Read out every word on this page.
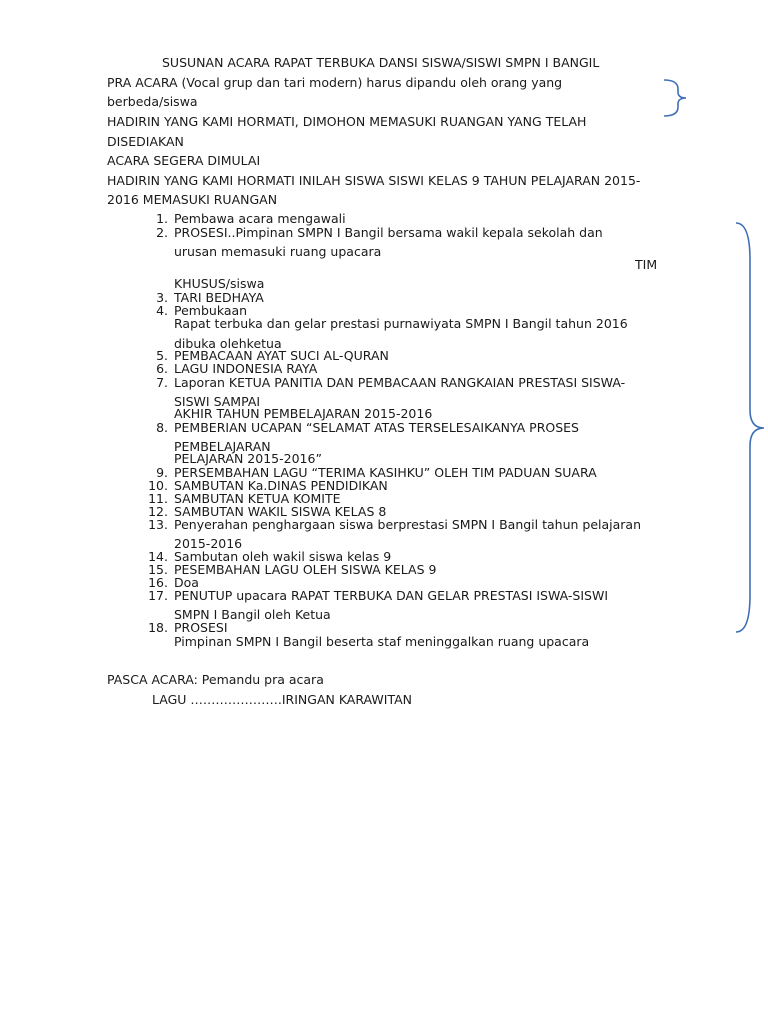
SUSUNAN ACARA RAPAT TERBUKA DANSI SISWA/SISWI SMPN I BANGIL
PRA ACARA (Vocal grup dan tari modern) harus dipandu oleh orang yang
berbeda/siswa
HADIRIN YANG KAMI HORMATI, DIMOHON MEMASUKI RUANGAN YANG TELAH
DISEDIAKAN
ACARA SEGERA DIMULAI
HADIRIN YANG KAMI HORMATI INILAH SISWA SISWI KELAS 9 TAHUN PELAJARAN 2015-
2016 MEMASUKI RUANGAN
1. Pembawa acara mengawali
2. PROSESI..Pimpinan SMPN I Bangil bersama wakil kepala sekolah dan
urusan memasuki ruang upacara
TIM
KHUSUS/siswa
3. TARI BEDHAYA
4. Pembukaan
Rapat terbuka dan gelar prestasi purnawiyata SMPN I Bangil tahun 2016
dibuka olehketua
5. PEMBACAAN AYAT SUCI AL-QURAN
6. LAGU INDONESIA RAYA
7. Laporan KETUA PANITIA DAN PEMBACAAN RANGKAIAN PRESTASI SISWA-
SISWI SAMPAI
AKHIR TAHUN PEMBELAJARAN 2015-2016
8. PEMBERIAN UCAPAN “SELAMAT ATAS TERSELESAIKANYA PROSES
PEMBELAJARAN
PELAJARAN 2015-2016”
9. PERSEMBAHAN LAGU “TERIMA KASIHKU” OLEH TIM PADUAN SUARA
10. SAMBUTAN Ka.DINAS PENDIDIKAN
11. SAMBUTAN KETUA KOMITE
12. SAMBUTAN WAKIL SISWA KELAS 8
13. Penyerahan penghargaan siswa berprestasi SMPN I Bangil tahun pelajaran
2015-2016
14. Sambutan oleh wakil siswa kelas 9
15. PESEMBAHAN LAGU OLEH SISWA KELAS 9
16. Doa
17. PENUTUP upacara RAPAT TERBUKA DAN GELAR PRESTASI ISWA-SISWI
SMPN I Bangil oleh Ketua
18. PROSESI
Pimpinan SMPN I Bangil beserta staf meninggalkan ruang upacara
PASCA ACARA: Pemandu pra acara
LAGU ………………….IRINGAN KARAWITAN
